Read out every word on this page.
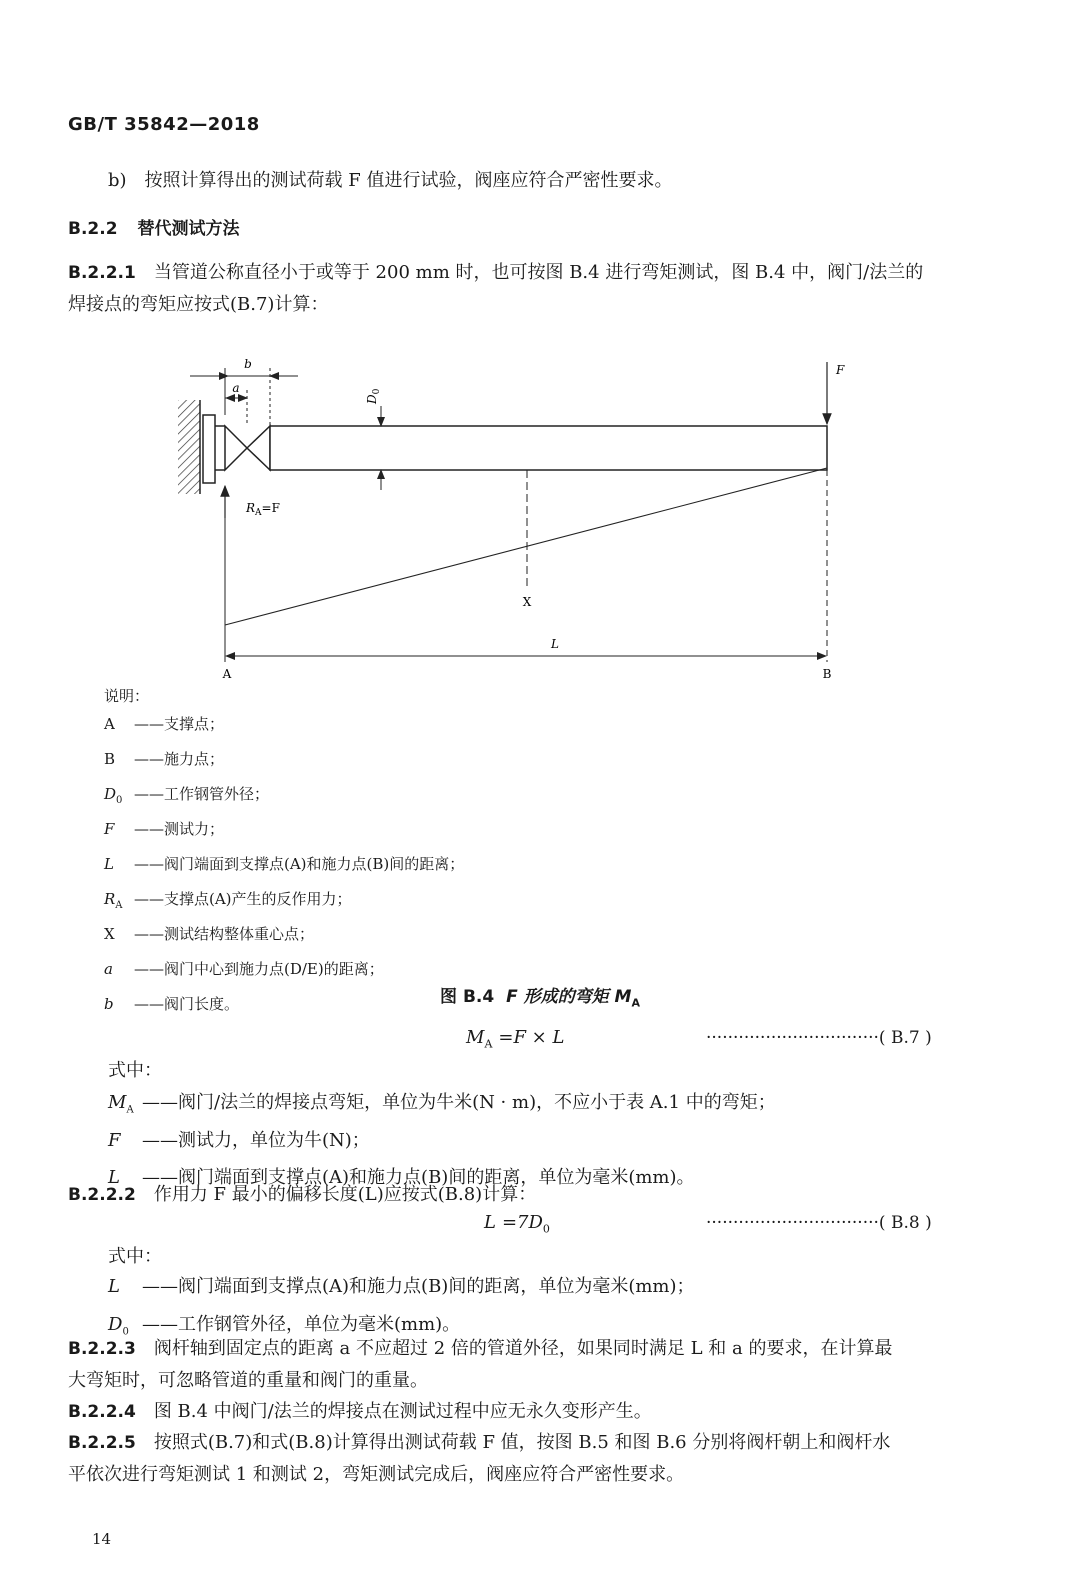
GB/T 35842—2018
b)　按照计算得出的测试荷载 F 值进行试验，阀座应符合严密性要求。
B.2.2 替代测试方法
B.2.2.1 当管道公称直径小于或等于 200 mm 时，也可按图 B.4 进行弯矩测试，图 B.4 中，阀门/法兰的
焊接点的弯矩应按式(B.7)计算：
b
a
$D_0$
F
$R_A=F$
X
L
A	B
说明：
A ——支撑点；
B ——施力点；
$D_0$ ——工作钢管外径；
F ——测试力；
L ——阀门端面到支撑点(A)和施力点(B)间的距离；
$R_A$ ——支撑点(A)产生的反作用力；
X ——测试结构整体重心点；
a ——阀门中心到施力点(D/E)的距离；
b ——阀门长度。	图 B.4 F 形成的弯矩 $M_A$
$M_A =F \times L$	································( B.7 )
式中：
$M_A$ ——阀门/法兰的焊接点弯矩，单位为牛米(N · m)，不应小于表 A.1 中的弯矩；
F ——测试力，单位为牛(N)；
L ——阀门端面到支撑点(A)和施力点(B)间的距离，单位为毫米(mm)。
B.2.2.2 作用力 F 最小的偏移长度(L)应按式(B.8)计算：
$L =7D_0$	································( B.8 )
式中：
L ——阀门端面到支撑点(A)和施力点(B)间的距离，单位为毫米(mm)；
$D_0$ ——工作钢管外径，单位为毫米(mm)。
B.2.2.3 阀杆轴到固定点的距离 a 不应超过 2 倍的管道外径，如果同时满足 L 和 a 的要求，在计算最
大弯矩时，可忽略管道的重量和阀门的重量。
B.2.2.4 图 B.4 中阀门/法兰的焊接点在测试过程中应无永久变形产生。
B.2.2.5 按照式(B.7)和式(B.8)计算得出测试荷载 F 值，按图 B.5 和图 B.6 分别将阀杆朝上和阀杆水
平依次进行弯矩测试 1 和测试 2，弯矩测试完成后，阀座应符合严密性要求。
14
